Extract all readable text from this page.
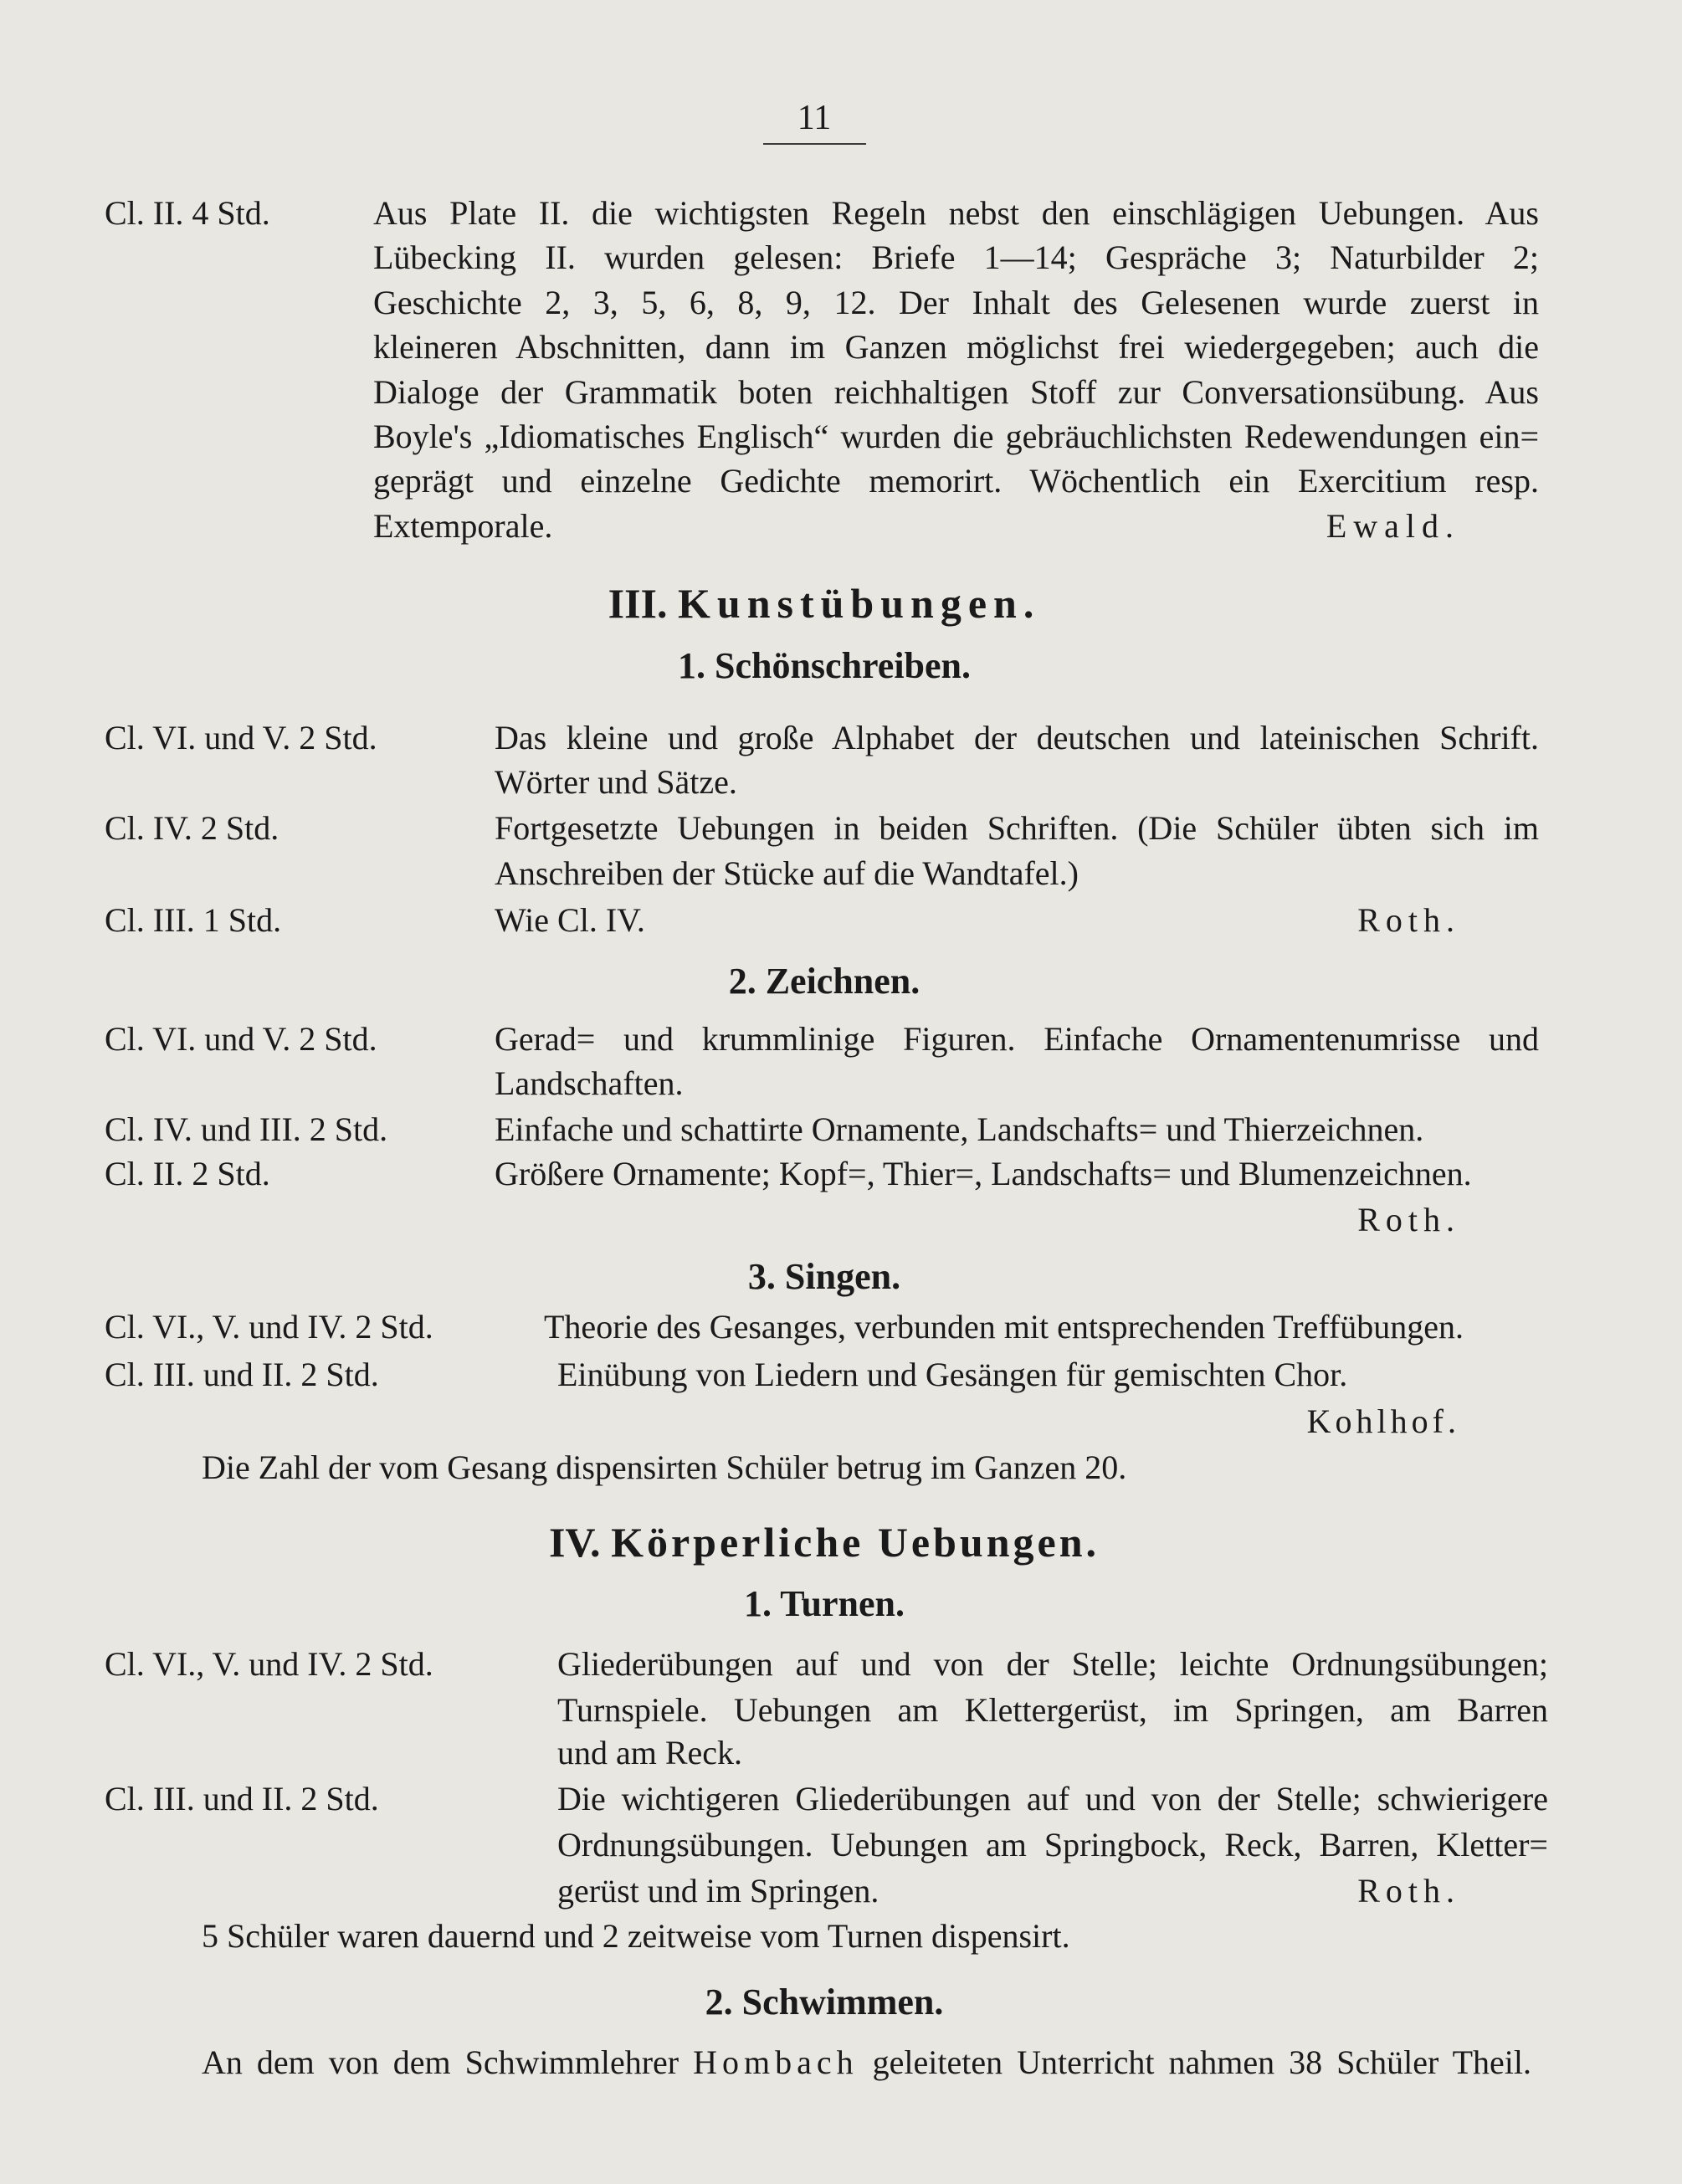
11
Cl. II. 4 Std.	Aus Plate II. die wichtigsten Regeln nebst den einschlägigen Uebungen. Aus
Lübecking II. wurden gelesen: Briefe 1—14; Gespräche 3; Naturbilder 2;
Geschichte 2, 3, 5, 6, 8, 9, 12. Der Inhalt des Gelesenen wurde zuerst in
kleineren Abschnitten, dann im Ganzen möglichst frei wiedergegeben; auch die
Dialoge der Grammatik boten reichhaltigen Stoff zur Conversationsübung. Aus
Boyle's „Idiomatisches Englisch“ wurden die gebräuchlichsten Redewendungen ein=
geprägt und einzelne Gedichte memorirt. Wöchentlich ein Exercitium resp.
Extemporale.	Ewald.
III. Kunstübungen.
1. Schönschreiben.
Cl. VI. und V. 2 Std.	Das kleine und große Alphabet der deutschen und lateinischen Schrift.
Wörter und Sätze.
Cl. IV. 2 Std.	Fortgesetzte Uebungen in beiden Schriften. (Die Schüler übten sich im
Anschreiben der Stücke auf die Wandtafel.)
Cl. III. 1 Std.	Wie Cl. IV.	Roth.
2. Zeichnen.
Cl. VI. und V. 2 Std.	Gerad= und krummlinige Figuren. Einfache Ornamentenumrisse und
Landschaften.
Cl. IV. und III. 2 Std.	Einfache und schattirte Ornamente, Landschafts= und Thierzeichnen.
Cl. II. 2 Std.	Größere Ornamente; Kopf=, Thier=, Landschafts= und Blumenzeichnen.
Roth.
3. Singen.
Cl. VI., V. und IV. 2 Std.	Theorie des Gesanges, verbunden mit entsprechenden Treffübungen.
Cl. III. und II. 2 Std.	Einübung von Liedern und Gesängen für gemischten Chor.
Kohlhof.
Die Zahl der vom Gesang dispensirten Schüler betrug im Ganzen 20.
IV. Körperliche Uebungen.
1. Turnen.
Cl. VI., V. und IV. 2 Std.	Gliederübungen auf und von der Stelle; leichte Ordnungsübungen;
Turnspiele. Uebungen am Klettergerüst, im Springen, am Barren
und am Reck.
Cl. III. und II. 2 Std.	Die wichtigeren Gliederübungen auf und von der Stelle; schwierigere
Ordnungsübungen. Uebungen am Springbock, Reck, Barren, Kletter=
gerüst und im Springen.	Roth.
5 Schüler waren dauernd und 2 zeitweise vom Turnen dispensirt.
2. Schwimmen.
An dem von dem Schwimmlehrer Hombach geleiteten Unterricht nahmen 38 Schüler Theil.
